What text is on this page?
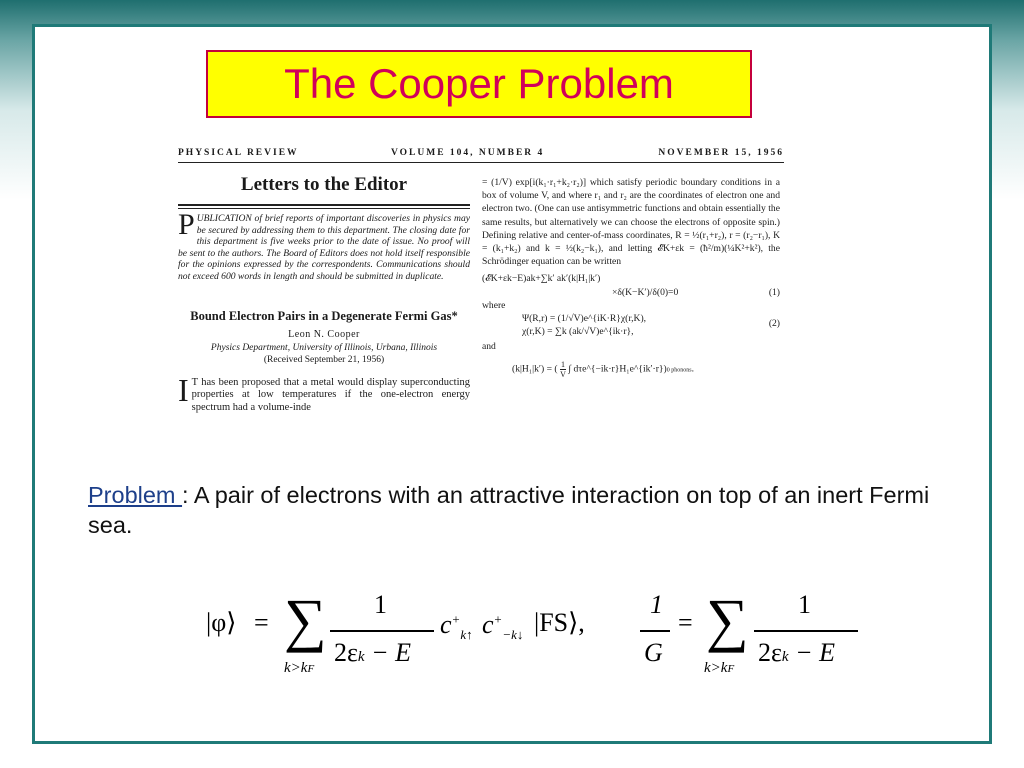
The Cooper Problem
PHYSICAL REVIEW	VOLUME 104, NUMBER 4	NOVEMBER 15, 1956
Letters to the Editor
PUBLICATION of brief reports of important discoveries in physics may be secured by addressing them to this department. The closing date for this department is five weeks prior to the date of issue. No proof will be sent to the authors. The Board of Editors does not hold itself responsible for the opinions expressed by the correspondents. Communications should not exceed 600 words in length and should be submitted in duplicate.
Bound Electron Pairs in a Degenerate Fermi Gas*
Leon N. Cooper
Physics Department, University of Illinois, Urbana, Illinois
(Received September 21, 1956)
I T has been proposed that a metal would display superconducting properties at low temperatures if the one-electron energy spectrum had a volume-inde
= (1/V) exp[i(k₁·r₁+k₂·r₂)] which satisfy periodic boundary conditions in a box of volume V, and where r₁ and r₂ are the coordinates of electron one and electron two. (One can use antisymmetric functions and obtain essentially the same results, but alternatively we can choose the electrons of opposite spin.) Defining relative and center-of-mass coordinates, R = ½(r₁+r₂), r = (r₂−r₁), K = (k₁+k₂) and k = ½(k₂−k₁), and letting 𝓔K+εk = (ħ²/m)(¼K²+k²), the Schrödinger equation can be written
(𝓔K+εk−E)ak+∑k′ ak′(k|H₁|k′)
×δ(K−K′)/δ(0)=0	(1)
where
Ψ(R,r) = (1/√V)e^{iK·R}χ(r,K),
χ(r,K) = ∑k (ak/√V)e^{ik·r},
(2)
and
(k|H₁|k′) = ( $\frac{1}{V}$ ∫ dτe^{−ik·r}H₁e^{ik′·r})0 phonons.
Problem : A pair of electrons with an attractive interaction on top of an inert Fermi sea.
|φ⟩ = ∑
k>kF
1
2εk − E
$c^+_{k↑}$ $c^+_{-k↓}$ |FS⟩,
1
G
= ∑
k>kF
1
2εk − E
